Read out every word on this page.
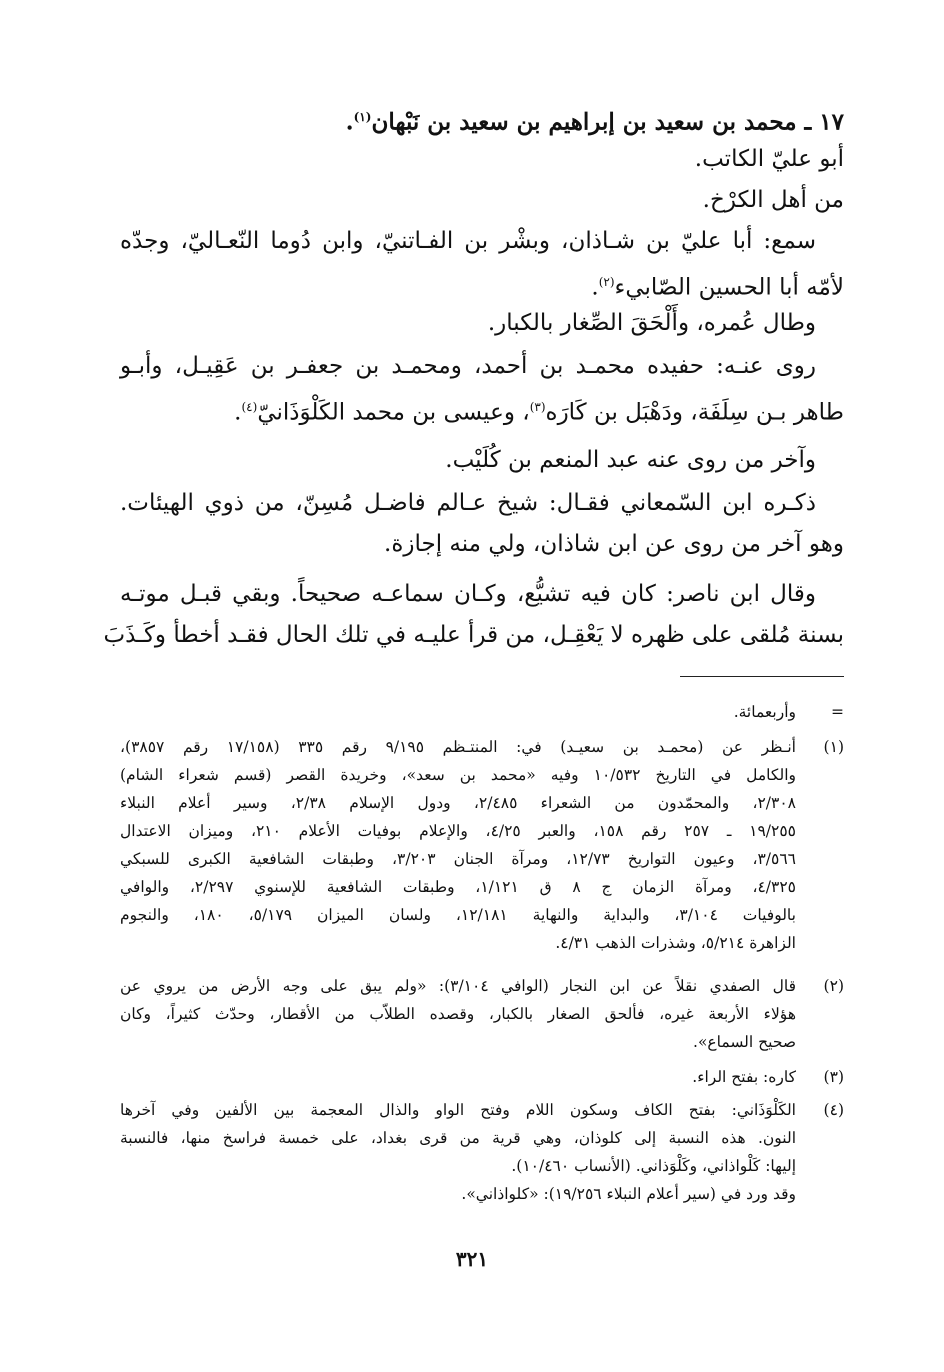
١٧ ـ محمد بن سعيد بن إبراهيم بن سعيد بن نَبْهان$^{(١)}$.

أبو عليّ الكاتب.

من أهل الكرْخ.

سمع: أبا عليّ بن شـاذان، وبشْر بن الفـاتنيّ، وابن دُوما النّعـاليّ، وجدّه

لأمّه أبا الحسين الصّابيء$^{(٢)}$.

وطال عُمره، وأَلْحَقَ الصِّغار بالكبار.

روى عنـه: حفيده محمـد بن أحمد، ومحمـد بن جعفـر بن عَقِيـل، وأبـو

طاهر بـن سِلَفَة، ودَهْبَل بن كَارَه$^{(٣)}$، وعيسى بن محمد الكَلْوَذَانيّ$^{(٤)}$.

وآخر من روى عنه عبد المنعم بن كُلَيْب.

ذكـره ابن السّمعاني فقـال: شيخ عـالم فاضـل مُسِنّ، من ذوي الهيئات.

وهو آخر من روى عن ابن شاذان، ولي منه إجازة.

وقال ابن ناصر: كان فيه تشيُّع، وكـان سماعـه صحيحاً. وبقي قبـل موتـه

بسنة مُلقى على ظهره لا يَعْقِـل، من قرأ عليـه في تلك الحال فقـد أخطأ وكَـذَبَ

=
وأربعمائة.
(١)
أنـظر عن (محمـد بن سعيـد) في: المنتـظم ٩/١٩٥ رقم ٣٣٥ (١٧/١٥٨ رقم ٣٨٥٧)،
والكامل في التاريخ ١٠/٥٣٢ وفيه «محمد بن سعد»، وخريدة القصر (قسم شعراء الشام)
٢/٣٠٨، والمحمّدون من الشعراء ٢/٤٨٥، ودول الإسلام ٢/٣٨، وسير أعلام النبلاء
١٩/٢٥٥ ـ ٢٥٧ رقم ١٥٨، والعبر ٤/٢٥، والإعلام بوفيات الأعلام ٢١٠، وميزان الاعتدال
٣/٥٦٦، وعيون التواريخ ١٢/٧٣، ومرآة الجنان ٣/٢٠٣، وطبقات الشافعية الكبرى للسبكي
٤/٣٢٥، ومرآة الزمان ج ٨ ق ١/١٢١، وطبقات الشافعية للإسنوي ٢/٢٩٧، والوافي
بالوفيات ٣/١٠٤، والبداية والنهاية ١٢/١٨١، ولسان الميزان ٥/١٧٩، ١٨٠، والنجوم
الزاهرة ٥/٢١٤، وشذرات الذهب ٤/٣١.
(٢)
قال الصفدي نقلاً عن ابن النجار (الوافي ٣/١٠٤): «ولم يبق على وجه الأرض من يروي عن
هؤلاء الأربعة غيره، فألحق الصغار بالكبار، وقصده الطلاّب من الأقطار، وحدّث كثيراً، وكان
صحيح السماع».
(٣)
كاره: بفتح الراء.
(٤)
الكَلْوَذَاني: بفتح الكاف وسكون اللام وفتح الواو والذال المعجمة بين الألفين وفي آخرها
النون. هذه النسبة إلى كلوذان، وهي قرية من قرى بغداد، على خمسة فراسخ منها، فالنسبة
إليها: كَلْواذاني، وكَلْوَذاني. (الأنساب ١٠/٤٦٠).
وقد ورد في (سير أعلام النبلاء ١٩/٢٥٦): «كلواذاني».
٣٢١
